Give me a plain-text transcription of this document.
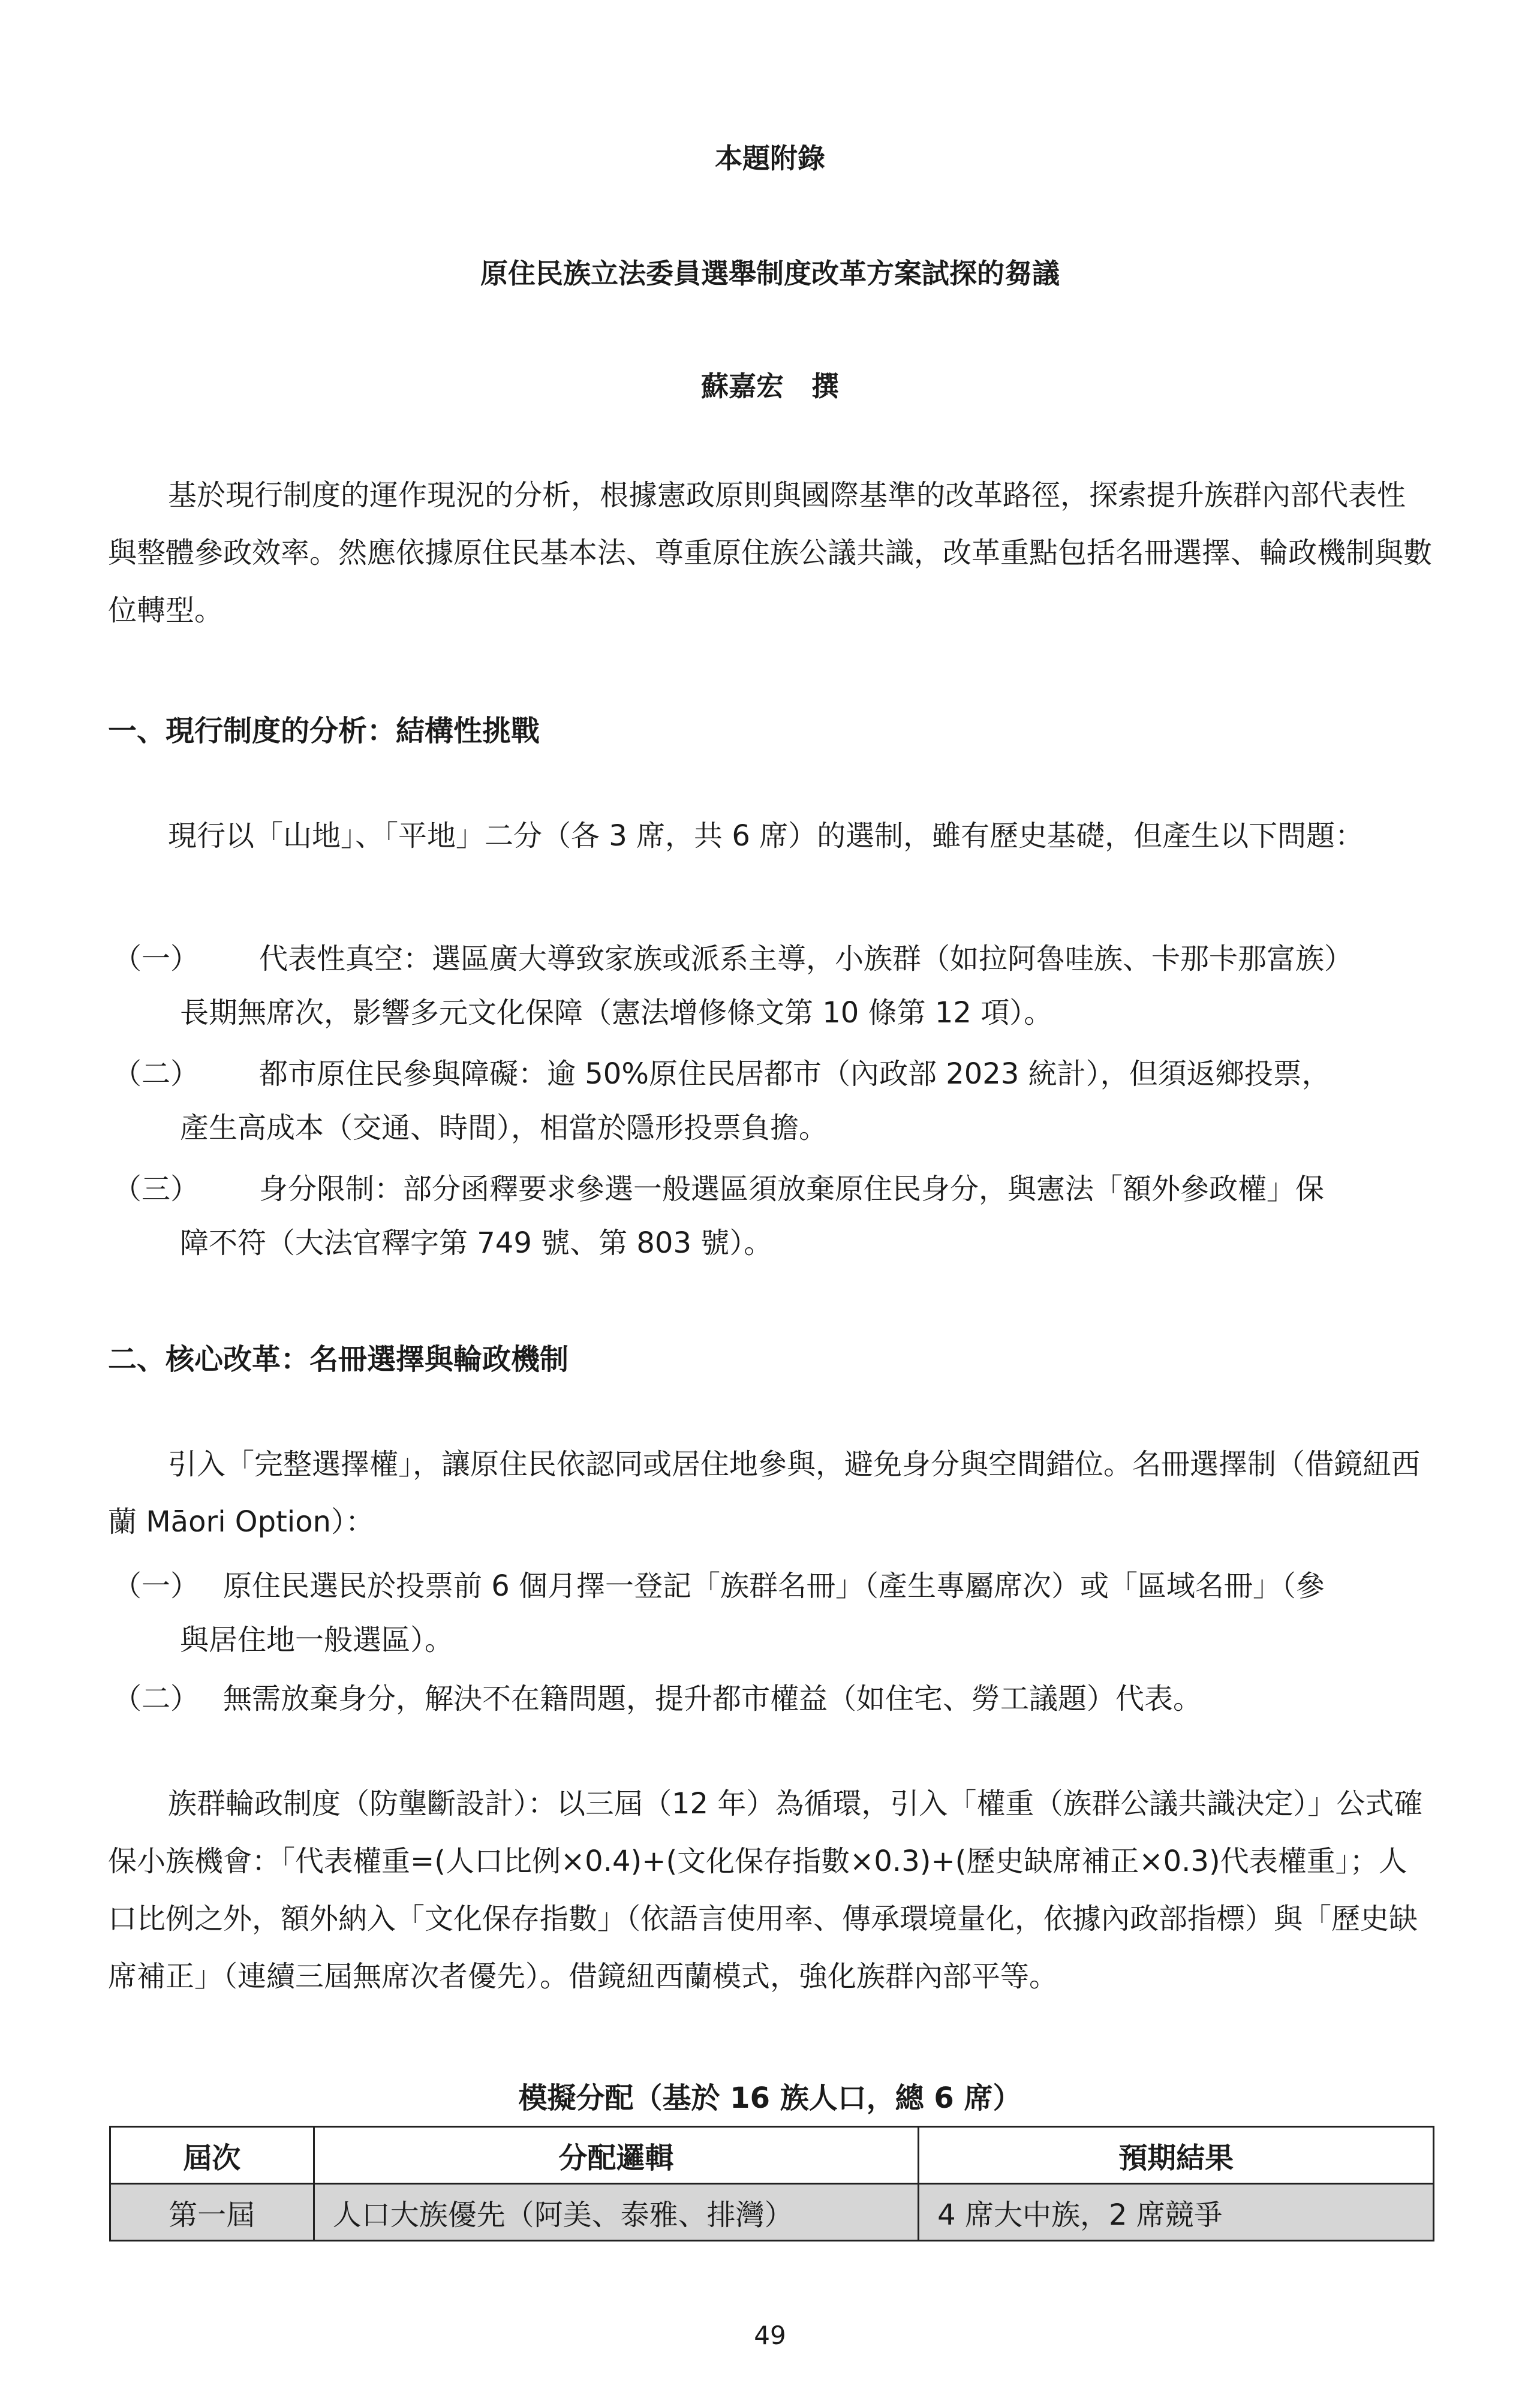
本題附錄
原住民族立法委員選舉制度改革方案試探的芻議
蘇嘉宏　撰
基於現行制度的運作現況的分析，根據憲政原則與國際基準的改革路徑，探索提升族群內部代表性與整體參政效率。然應依據原住民基本法、尊重原住族公議共識，改革重點包括名冊選擇、輪政機制與數位轉型。
一、現行制度的分析：結構性挑戰
現行以「山地」、「平地」二分（各 3 席，共 6 席）的選制，雖有歷史基礎，但產生以下問題：
（一） 代表性真空：選區廣大導致家族或派系主導，小族群（如拉阿魯哇族、卡那卡那富族）
長期無席次，影響多元文化保障（憲法增修條文第 10 條第 12 項）。
（二） 都市原住民參與障礙：逾 50%原住民居都市（內政部 2023 統計），但須返鄉投票，
產生高成本（交通、時間），相當於隱形投票負擔。
（三） 身分限制：部分函釋要求參選一般選區須放棄原住民身分，與憲法「額外參政權」保
障不符（大法官釋字第 749 號、第 803 號）。
二、核心改革：名冊選擇與輪政機制
引入「完整選擇權」，讓原住民依認同或居住地參與，避免身分與空間錯位。名冊選擇制（借鏡紐西蘭 Māori Option）：
（一） 原住民選民於投票前 6 個月擇一登記「族群名冊」（產生專屬席次）或「區域名冊」（參
與居住地一般選區）。
（二） 無需放棄身分，解決不在籍問題，提升都市權益（如住宅、勞工議題）代表。
族群輪政制度（防壟斷設計）：以三屆（12 年）為循環，引入「權重（族群公議共識決定）」公式確保小族機會：「代表權重=(人口比例×0.4)+(文化保存指數×0.3)+(歷史缺席補正×0.3)代表權重」；人口比例之外，額外納入「文化保存指數」（依語言使用率、傳承環境量化，依據內政部指標）與「歷史缺席補正」（連續三屆無席次者優先）。借鏡紐西蘭模式，強化族群內部平等。
模擬分配（基於 16 族人口，總 6 席）
屆次	分配邏輯	預期結果
第一屆	人口大族優先（阿美、泰雅、排灣）	4 席大中族，2 席競爭
49
